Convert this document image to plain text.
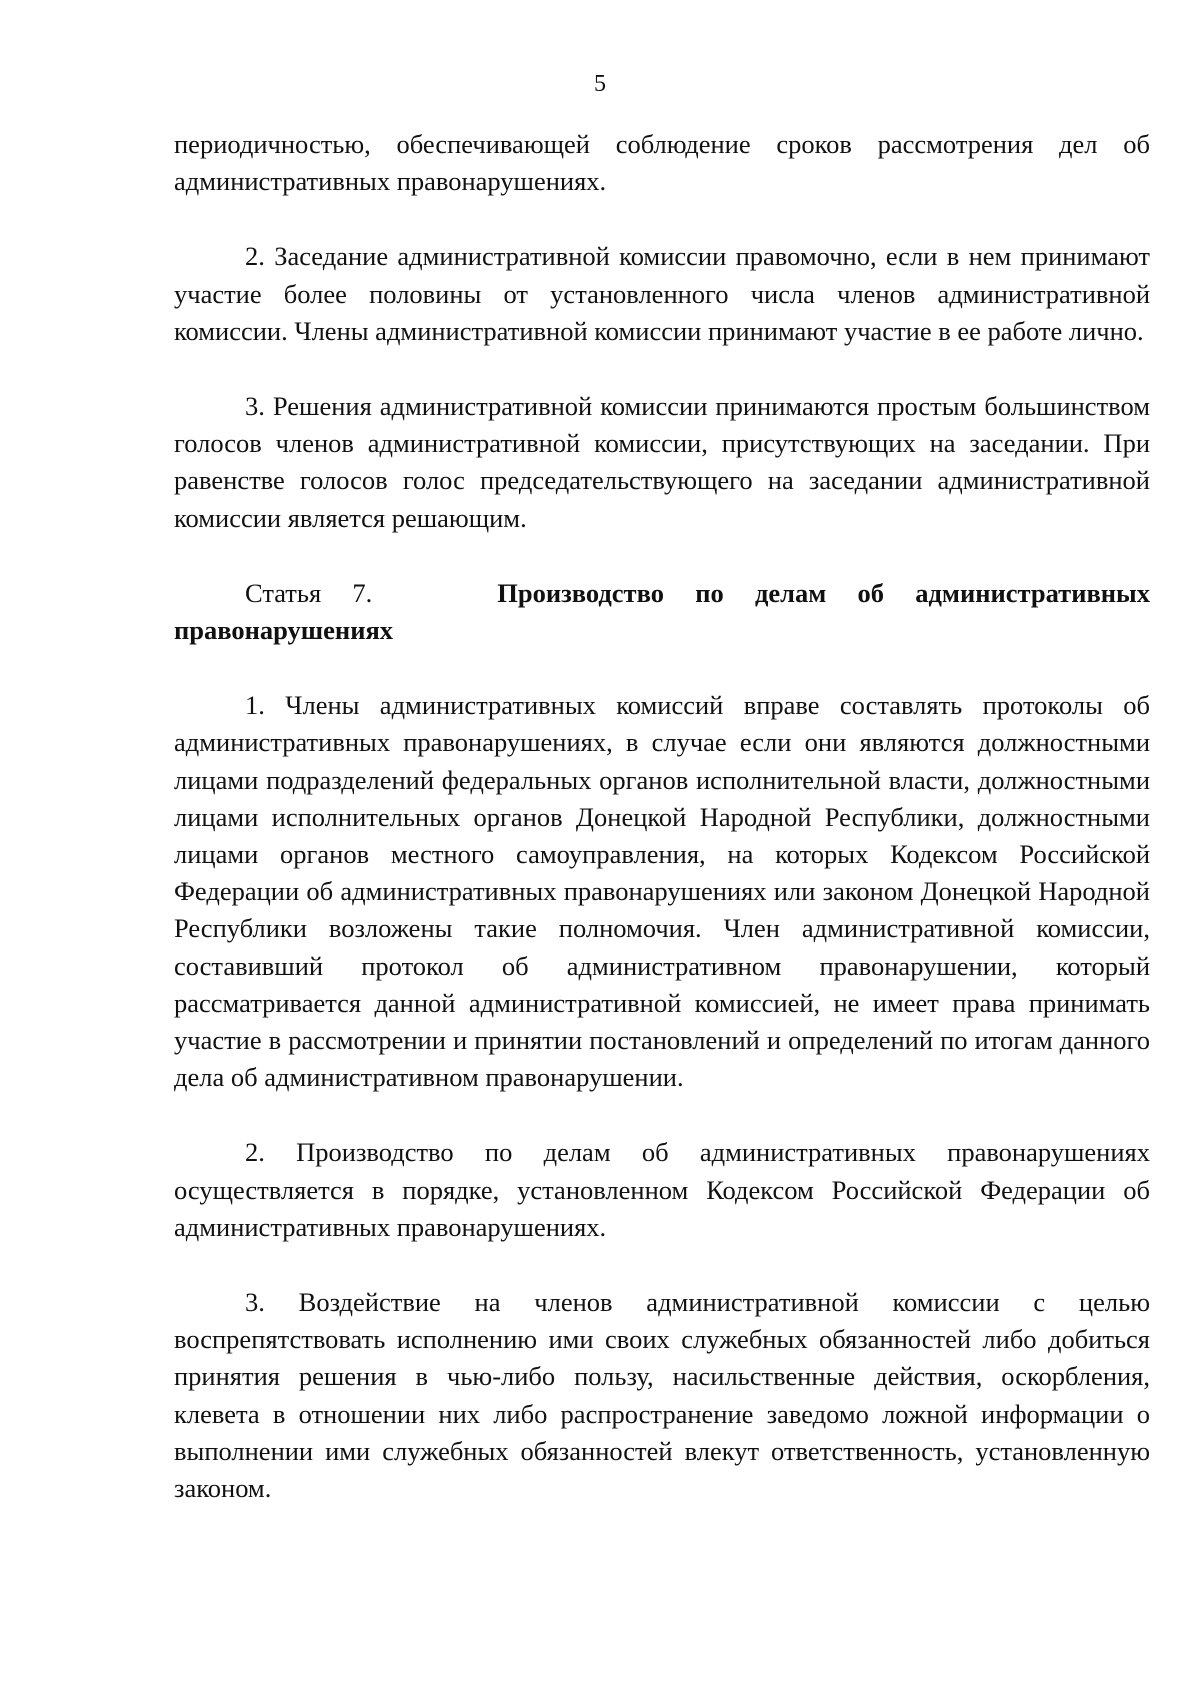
5

периодичностью, обеспечивающей соблюдение сроков рассмотрения дел об административных правонарушениях.

2. Заседание административной комиссии правомочно, если в нем принимают участие более половины от установленного числа членов административной комиссии. Члены административной комиссии принимают участие в ее работе лично.

3. Решения административной комиссии принимаются простым большинством голосов членов административной комиссии, присутствующих на заседании. При равенстве голосов голос председательствующего на заседании административной комиссии является решающим.

Статья 7.	Производство по делам об административных правонарушениях

1. Члены административных комиссий вправе составлять протоколы об административных правонарушениях, в случае если они являются должностными лицами подразделений федеральных органов исполнительной власти, должностными лицами исполнительных органов Донецкой Народной Республики, должностными лицами органов местного самоуправления, на которых Кодексом Российской Федерации об административных правонарушениях или законом Донецкой Народной Республики возложены такие полномочия. Член административной комиссии, составивший протокол об административном правонарушении, который рассматривается данной административной комиссией, не имеет права принимать участие в рассмотрении и принятии постановлений и определений по итогам данного дела об административном правонарушении.

2. Производство по делам об административных правонарушениях осуществляется в порядке, установленном Кодексом Российской Федерации об административных правонарушениях.

3. Воздействие на членов административной комиссии с целью воспрепятствовать исполнению ими своих служебных обязанностей либо добиться принятия решения в чью-либо пользу, насильственные действия, оскорбления, клевета в отношении них либо распространение заведомо ложной информации о выполнении ими служебных обязанностей влекут ответственность, установленную законом.
